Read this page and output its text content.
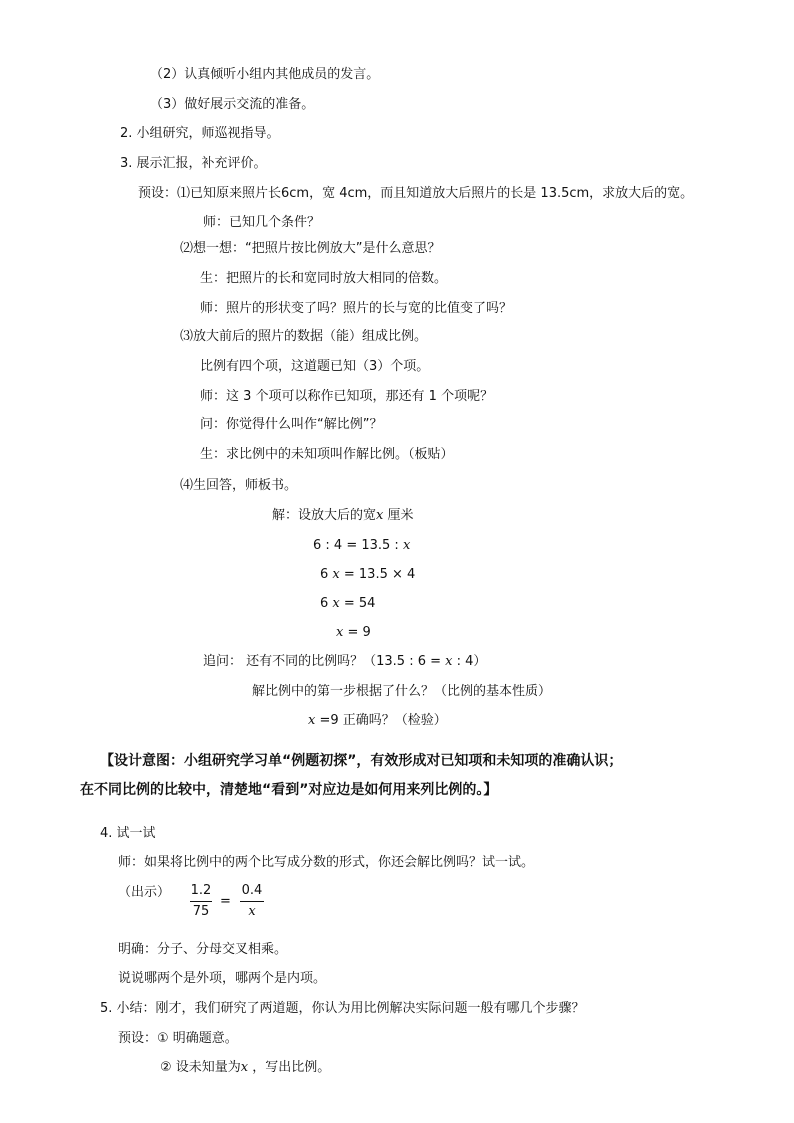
（2）认真倾听小组内其他成员的发言。
（3）做好展示交流的准备。
2. 小组研究，师巡视指导。
3. 展示汇报，补充评价。
预设：⑴已知原来照片长6cm，宽 4cm，而且知道放大后照片的长是 13.5cm，求放大后的宽。
师：已知几个条件？
⑵想一想：“把照片按比例放大”是什么意思？
生：把照片的长和宽同时放大相同的倍数。
师：照片的形状变了吗？照片的长与宽的比值变了吗？
⑶放大前后的照片的数据（能）组成比例。
比例有四个项，这道题已知（3）个项。
师：这 3 个项可以称作已知项，那还有 1 个项呢？
问：你觉得什么叫作“解比例”？
生：求比例中的未知项叫作解比例。（板贴）
⑷生回答，师板书。
解：设放大后的宽x 厘米
6 : 4 = 13.5 : x
6 x = 13.5 × 4
6 x = 54
x = 9
追问： 还有不同的比例吗？（13.5 : 6 = x : 4）
解比例中的第一步根据了什么？（比例的基本性质）
x =9 正确吗？（检验）
【设计意图：小组研究学习单“例题初探”，有效形成对已知项和未知项的准确认识；
在不同比例的比较中，清楚地“看到”对应边是如何用来列比例的。】
4. 试一试
师：如果将比例中的两个比写成分数的形式，你还会解比例吗？试一试。
（出示） 1.2
75
=
0.4
x
明确：分子、分母交叉相乘。
说说哪两个是外项，哪两个是内项。
5. 小结：刚才，我们研究了两道题，你认为用比例解决实际问题一般有哪几个步骤？
预设：① 明确题意。
② 设未知量为x ，写出比例。
